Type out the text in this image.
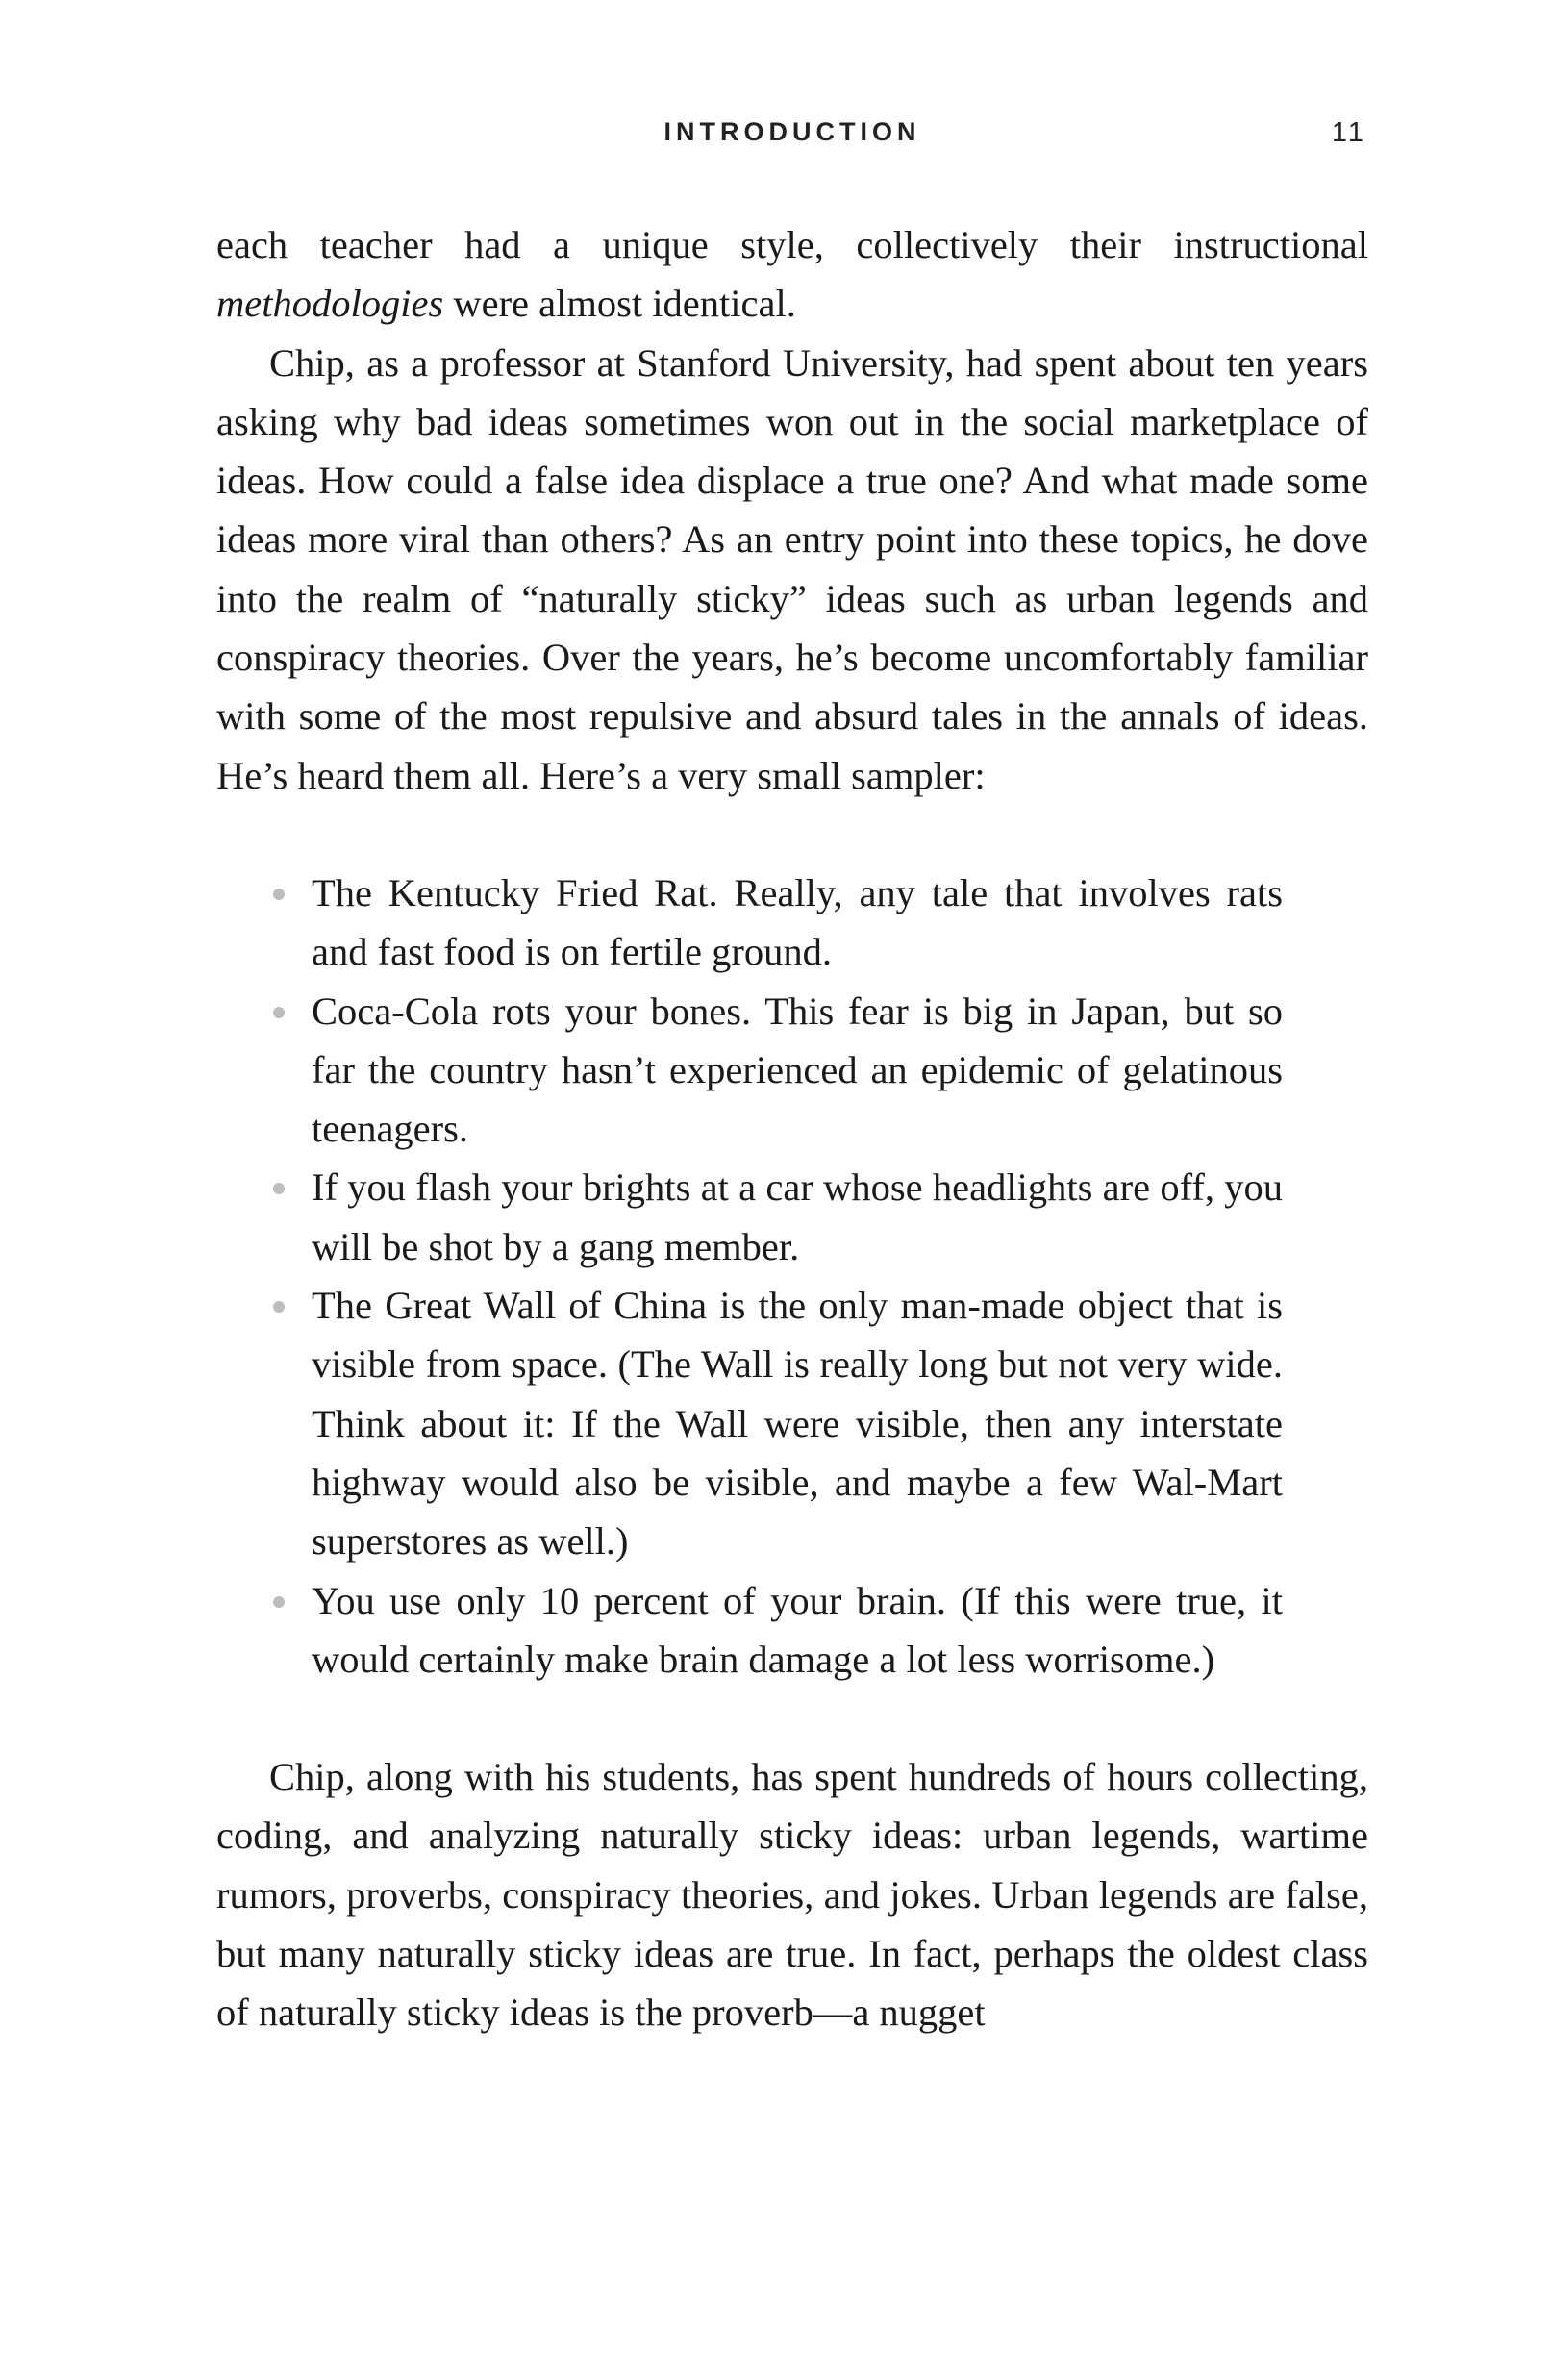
INTRODUCTION	11

each teacher had a unique style, collectively their instructional methodologies were almost identical.

Chip, as a professor at Stanford University, had spent about ten years asking why bad ideas sometimes won out in the social marketplace of ideas. How could a false idea displace a true one? And what made some ideas more viral than others? As an entry point into these topics, he dove into the realm of “naturally sticky” ideas such as urban legends and conspiracy theories. Over the years, he’s become uncomfortably familiar with some of the most repulsive and absurd tales in the annals of ideas. He’s heard them all. Here’s a very small sampler:

The Kentucky Fried Rat. Really, any tale that involves rats and fast food is on fertile ground.
Coca-Cola rots your bones. This fear is big in Japan, but so far the country hasn’t experienced an epidemic of gelatinous teenagers.
If you flash your brights at a car whose headlights are off, you will be shot by a gang member.
The Great Wall of China is the only man-made object that is visible from space. (The Wall is really long but not very wide. Think about it: If the Wall were visible, then any interstate highway would also be visible, and maybe a few Wal-Mart superstores as well.)
You use only 10 percent of your brain. (If this were true, it would certainly make brain damage a lot less worrisome.)

Chip, along with his students, has spent hundreds of hours collecting, coding, and analyzing naturally sticky ideas: urban legends, wartime rumors, proverbs, conspiracy theories, and jokes. Urban legends are false, but many naturally sticky ideas are true. In fact, perhaps the oldest class of naturally sticky ideas is the proverb—a nugget
